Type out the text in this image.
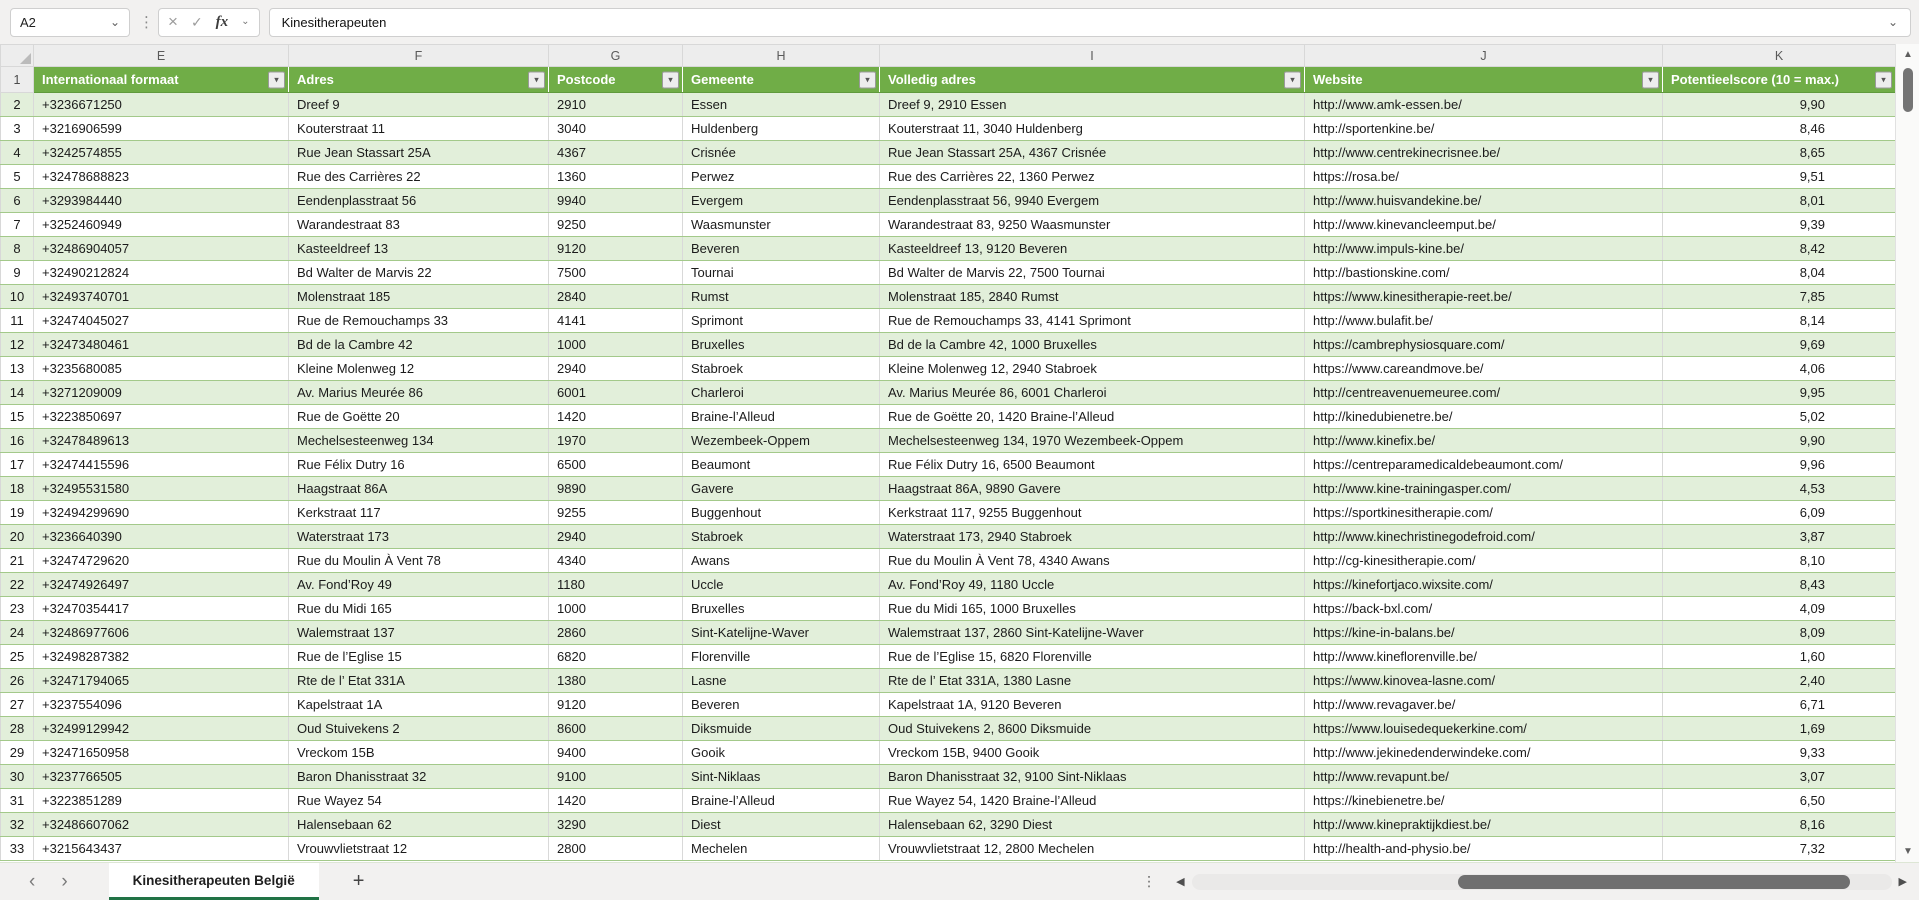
A2	⌄ ⋮ × ✓ fx ⌄ Kinesitherapeuten	⌄
	E	F	G	H	I	J	K
1	Internationaal formaat ▾	Adres ▾	Postcode ▾	Gemeente ▾	Volledig adres ▾	Website ▾	Potentieelscore (10 = max.) ▾

2	+3236671250	Dreef 9	2910	Essen	Dreef 9, 2910 Essen	http://www.amk-essen.be/	9,90
3	+3216906599	Kouterstraat 11	3040	Huldenberg	Kouterstraat 11, 3040 Huldenberg	http://sportenkine.be/	8,46
4	+3242574855	Rue Jean Stassart 25A	4367	Crisnée	Rue Jean Stassart 25A, 4367 Crisnée	http://www.centrekinecrisnee.be/	8,65
5	+32478688823	Rue des Carrières 22	1360	Perwez	Rue des Carrières 22, 1360 Perwez	https://rosa.be/	9,51
6	+3293984440	Eendenplasstraat 56	9940	Evergem	Eendenplasstraat 56, 9940 Evergem	http://www.huisvandekine.be/	8,01
7	+3252460949	Warandestraat 83	9250	Waasmunster	Warandestraat 83, 9250 Waasmunster	http://www.kinevancleemput.be/	9,39
8	+32486904057	Kasteeldreef 13	9120	Beveren	Kasteeldreef 13, 9120 Beveren	http://www.impuls-kine.be/	8,42
9	+32490212824	Bd Walter de Marvis 22	7500	Tournai	Bd Walter de Marvis 22, 7500 Tournai	http://bastionskine.com/	8,04
10	+32493740701	Molenstraat 185	2840	Rumst	Molenstraat 185, 2840 Rumst	https://www.kinesitherapie-reet.be/	7,85
11	+32474045027	Rue de Remouchamps 33	4141	Sprimont	Rue de Remouchamps 33, 4141 Sprimont	http://www.bulafit.be/	8,14
12	+32473480461	Bd de la Cambre 42	1000	Bruxelles	Bd de la Cambre 42, 1000 Bruxelles	https://cambrephysiosquare.com/	9,69
13	+3235680085	Kleine Molenweg 12	2940	Stabroek	Kleine Molenweg 12, 2940 Stabroek	https://www.careandmove.be/	4,06
14	+3271209009	Av. Marius Meurée 86	6001	Charleroi	Av. Marius Meurée 86, 6001 Charleroi	http://centreavenuemeuree.com/	9,95
15	+3223850697	Rue de Goëtte 20	1420	Braine-l’Alleud	Rue de Goëtte 20, 1420 Braine-l’Alleud	http://kinedubienetre.be/	5,02
16	+32478489613	Mechelsesteenweg 134	1970	Wezembeek-Oppem	Mechelsesteenweg 134, 1970 Wezembeek-Oppem	http://www.kinefix.be/	9,90
17	+32474415596	Rue Félix Dutry 16	6500	Beaumont	Rue Félix Dutry 16, 6500 Beaumont	https://centreparamedicaldebeaumont.com/	9,96
18	+32495531580	Haagstraat 86A	9890	Gavere	Haagstraat 86A, 9890 Gavere	http://www.kine-trainingasper.com/	4,53
19	+32494299690	Kerkstraat 117	9255	Buggenhout	Kerkstraat 117, 9255 Buggenhout	https://sportkinesitherapie.com/	6,09
20	+3236640390	Waterstraat 173	2940	Stabroek	Waterstraat 173, 2940 Stabroek	http://www.kinechristinegodefroid.com/	3,87
21	+32474729620	Rue du Moulin À Vent 78	4340	Awans	Rue du Moulin À Vent 78, 4340 Awans	http://cg-kinesitherapie.com/	8,10
22	+32474926497	Av. Fond’Roy 49	1180	Uccle	Av. Fond’Roy 49, 1180 Uccle	https://kinefortjaco.wixsite.com/	8,43
23	+32470354417	Rue du Midi 165	1000	Bruxelles	Rue du Midi 165, 1000 Bruxelles	https://back-bxl.com/	4,09
24	+32486977606	Walemstraat 137	2860	Sint-Katelijne-Waver	Walemstraat 137, 2860 Sint-Katelijne-Waver	https://kine-in-balans.be/	8,09
25	+32498287382	Rue de l’Eglise 15	6820	Florenville	Rue de l’Eglise 15, 6820 Florenville	http://www.kineflorenville.be/	1,60
26	+32471794065	Rte de l’ Etat 331A	1380	Lasne	Rte de l’ Etat 331A, 1380 Lasne	https://www.kinovea-lasne.com/	2,40
27	+3237554096	Kapelstraat 1A	9120	Beveren	Kapelstraat 1A, 9120 Beveren	http://www.revagaver.be/	6,71
28	+32499129942	Oud Stuivekens 2	8600	Diksmuide	Oud Stuivekens 2, 8600 Diksmuide	https://www.louisedequekerkine.com/	1,69
29	+32471650958	Vreckom 15B	9400	Gooik	Vreckom 15B, 9400 Gooik	http://www.jekinedenderwindeke.com/	9,33
30	+3237766505	Baron Dhanisstraat 32	9100	Sint-Niklaas	Baron Dhanisstraat 32, 9100 Sint-Niklaas	http://www.revapunt.be/	3,07
31	+3223851289	Rue Wayez 54	1420	Braine-l’Alleud	Rue Wayez 54, 1420 Braine-l’Alleud	https://kinebienetre.be/	6,50
32	+32486607062	Halensebaan 62	3290	Diest	Halensebaan 62, 3290 Diest	http://www.kinepraktijkdiest.be/	8,16
33	+3215643437	Vrouwvlietstraat 12	2800	Mechelen	Vrouwvlietstraat 12, 2800 Mechelen	http://health-and-physio.be/	7,32
▲
▼
‹	›	Kinesitherapeuten België	+	⋮ ◀	▶
